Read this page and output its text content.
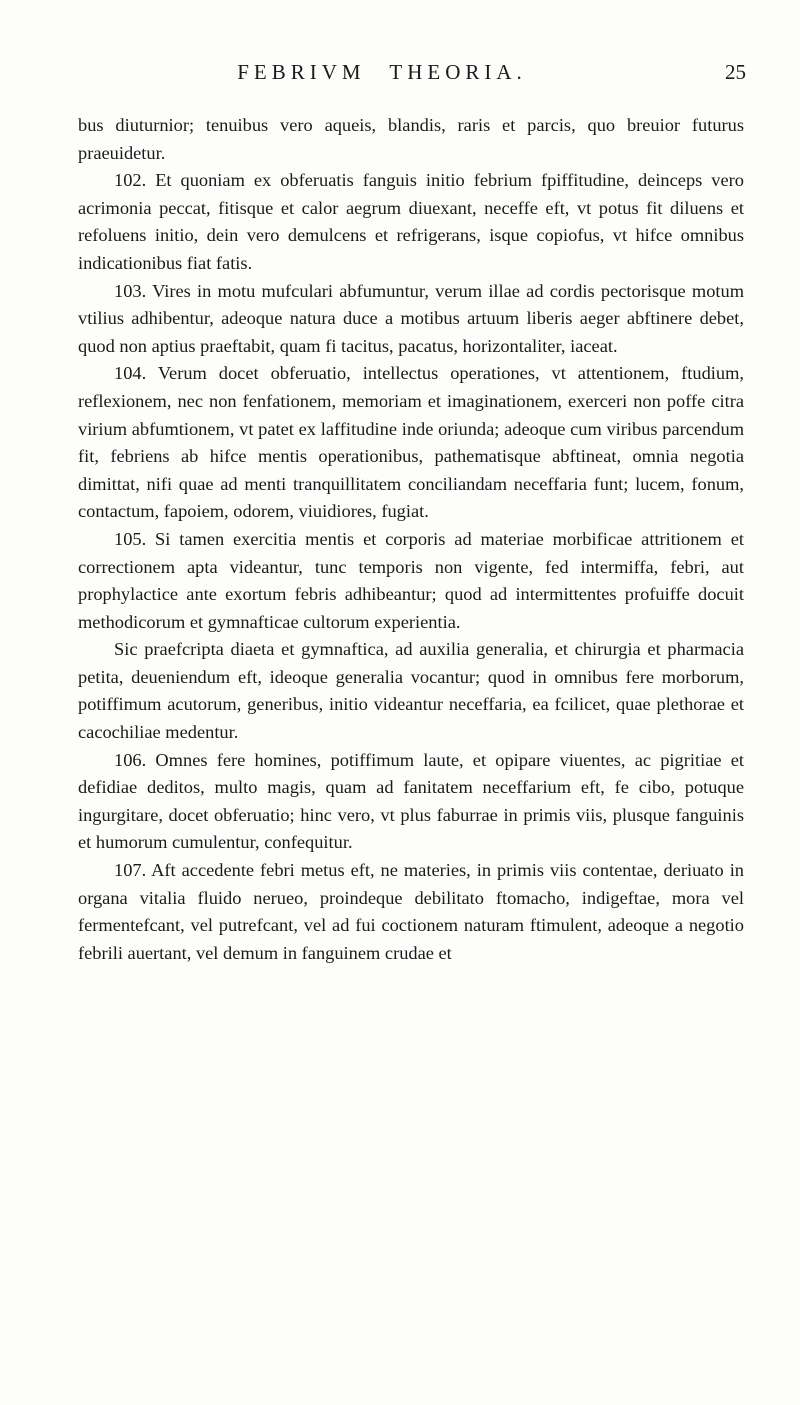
FEBRIVM THEORIA.	25

bus diuturnior; tenuibus vero aqueis, blandis, raris et parcis, quo breuior futurus praeuidetur.

102. Et quoniam ex obferuatis fanguis initio febrium fpiffitudine, deinceps vero acrimonia peccat, fitisque et calor aegrum diuexant, neceffe eft, vt potus fit diluens et refoluens initio, dein vero demulcens et refrigerans, isque copiofus, vt hifce omnibus indicationibus fiat fatis.

103. Vires in motu mufculari abfumuntur, verum illae ad cordis pectorisque motum vtilius adhibentur, adeoque natura duce a motibus artuum liberis aeger abftinere debet, quod non aptius praeftabit, quam fi tacitus, pacatus, horizontaliter, iaceat.

104. Verum docet obferuatio, intellectus operationes, vt attentionem, ftudium, reflexionem, nec non fenfationem, memoriam et imaginationem, exerceri non poffe citra virium abfumtionem, vt patet ex laffitudine inde oriunda; adeoque cum viribus parcendum fit, febriens ab hifce mentis operationibus, pathematisque abftineat, omnia negotia dimittat, nifi quae ad menti tranquillitatem conciliandam neceffaria funt; lucem, fonum, contactum, fapoiem, odorem, viuidiores, fugiat.

105. Si tamen exercitia mentis et corporis ad materiae morbificae attritionem et correctionem apta videantur, tunc temporis non vigente, fed intermiffa, febri, aut prophylactice ante exortum febris adhibeantur; quod ad intermittentes profuiffe docuit methodicorum et gymnafticae cultorum experientia.

Sic praefcripta diaeta et gymnaftica, ad auxilia generalia, et chirurgia et pharmacia petita, deueniendum eft, ideoque generalia vocantur; quod in omnibus fere morborum, potiffimum acutorum, generibus, initio videantur neceffaria, ea fcilicet, quae plethorae et cacochiliae medentur.

106. Omnes fere homines, potiffimum laute, et opipare viuentes, ac pigritiae et defidiae deditos, multo magis, quam ad fanitatem neceffarium eft, fe cibo, potuque ingurgitare, docet obferuatio; hinc vero, vt plus faburrae in primis viis, plusque fanguinis et humorum cumulentur, confequitur.

107. Aft accedente febri metus eft, ne materies, in primis viis contentae, deriuato in organa vitalia fluido nerueo, proindeque debilitato ftomacho, indigeftae, mora vel fermentefcant, vel putrefcant, vel ad fui coctionem naturam ftimulent, adeoque a negotio febrili auertant, vel demum in fanguinem crudae et
